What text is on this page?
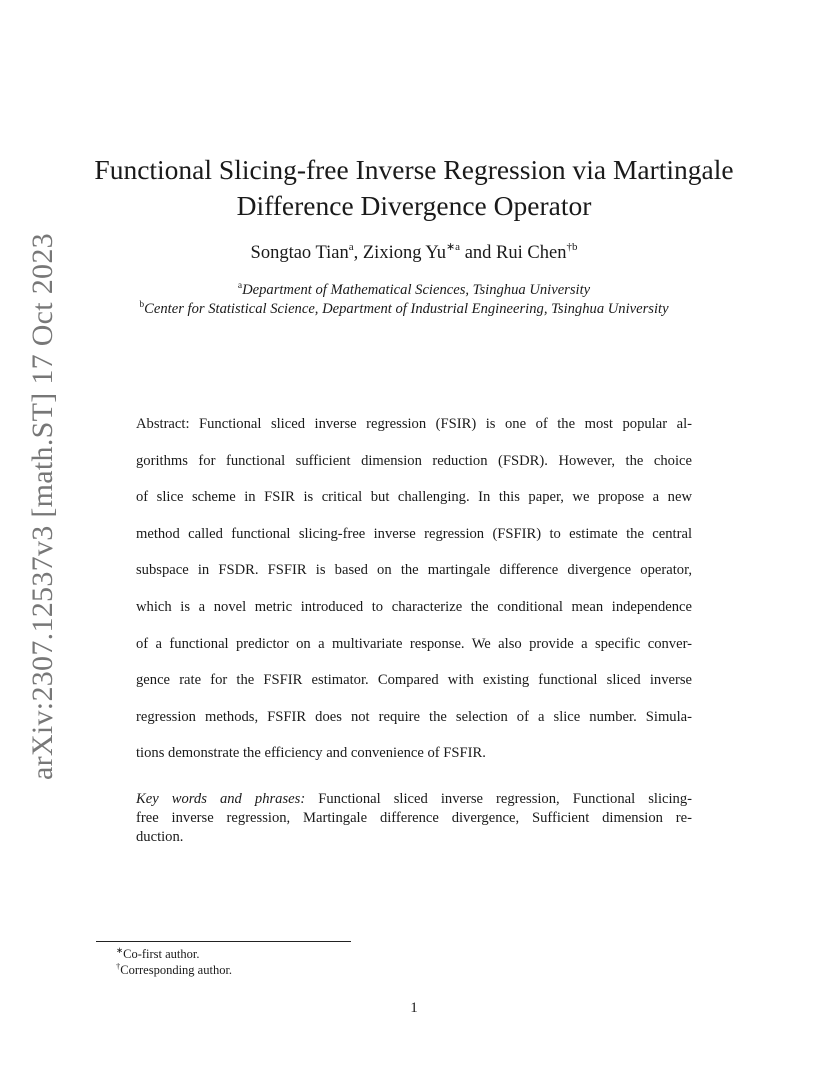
arXiv:2307.12537v3 [math.ST] 17 Oct 2023
Functional Slicing-free Inverse Regression via Martingale
Difference Divergence Operator
Songtao Tian$^a$, Zixiong $Yu^{∗a}$ and Rui Chen$^{\dagger b}$
$^a$Department of Mathematical Sciences, Tsinghua University
$^b$Center for Statistical Science, Department of Industrial Engineering, Tsinghua University
Abstract: Functional sliced inverse regression (FSIR) is one of the most popular al-
gorithms for functional sufficient dimension reduction (FSDR). However, the choice
of slice scheme in FSIR is critical but challenging. In this paper, we propose a new
method called functional slicing-free inverse regression (FSFIR) to estimate the central
subspace in FSDR. FSFIR is based on the martingale difference divergence operator,
which is a novel metric introduced to characterize the conditional mean independence
of a functional predictor on a multivariate response. We also provide a specific conver-
gence rate for the FSFIR estimator. Compared with existing functional sliced inverse
regression methods, FSFIR does not require the selection of a slice number. Simula-
tions demonstrate the efficiency and convenience of FSFIR.
Key words and phrases: Functional sliced inverse regression, Functional slicing-
free inverse regression, Martingale difference divergence, Sufficient dimension re-
duction.
∗Co-first author.
†Corresponding author.
1
